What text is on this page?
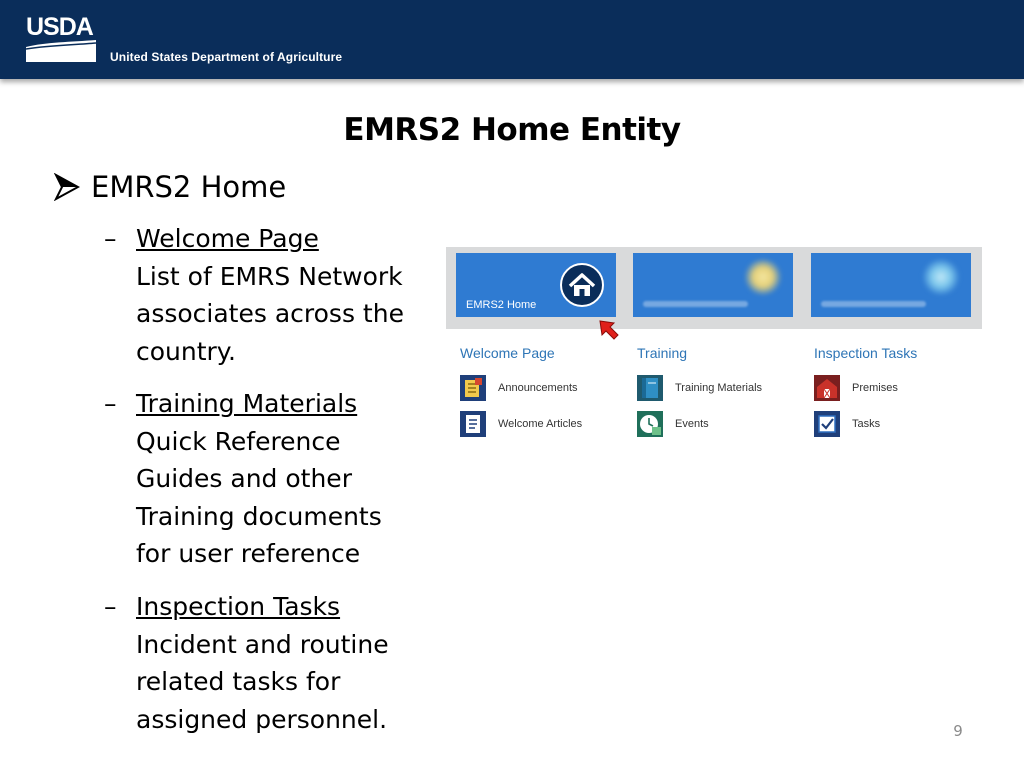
USDA
United States Department of Agriculture
EMRS2 Home Entity
EMRS2 Home
– Welcome Page
List of EMRS Network
associates across the
country.
– Training Materials
Quick Reference
Guides and other
Training documents
for user reference
– Inspection Tasks
Incident and routine
related tasks for
assigned personnel.
EMRS2 Home
Welcome Page
Announcements
Welcome Articles
Training
Training Materials
Events
Inspection Tasks
Premises
Tasks
9
